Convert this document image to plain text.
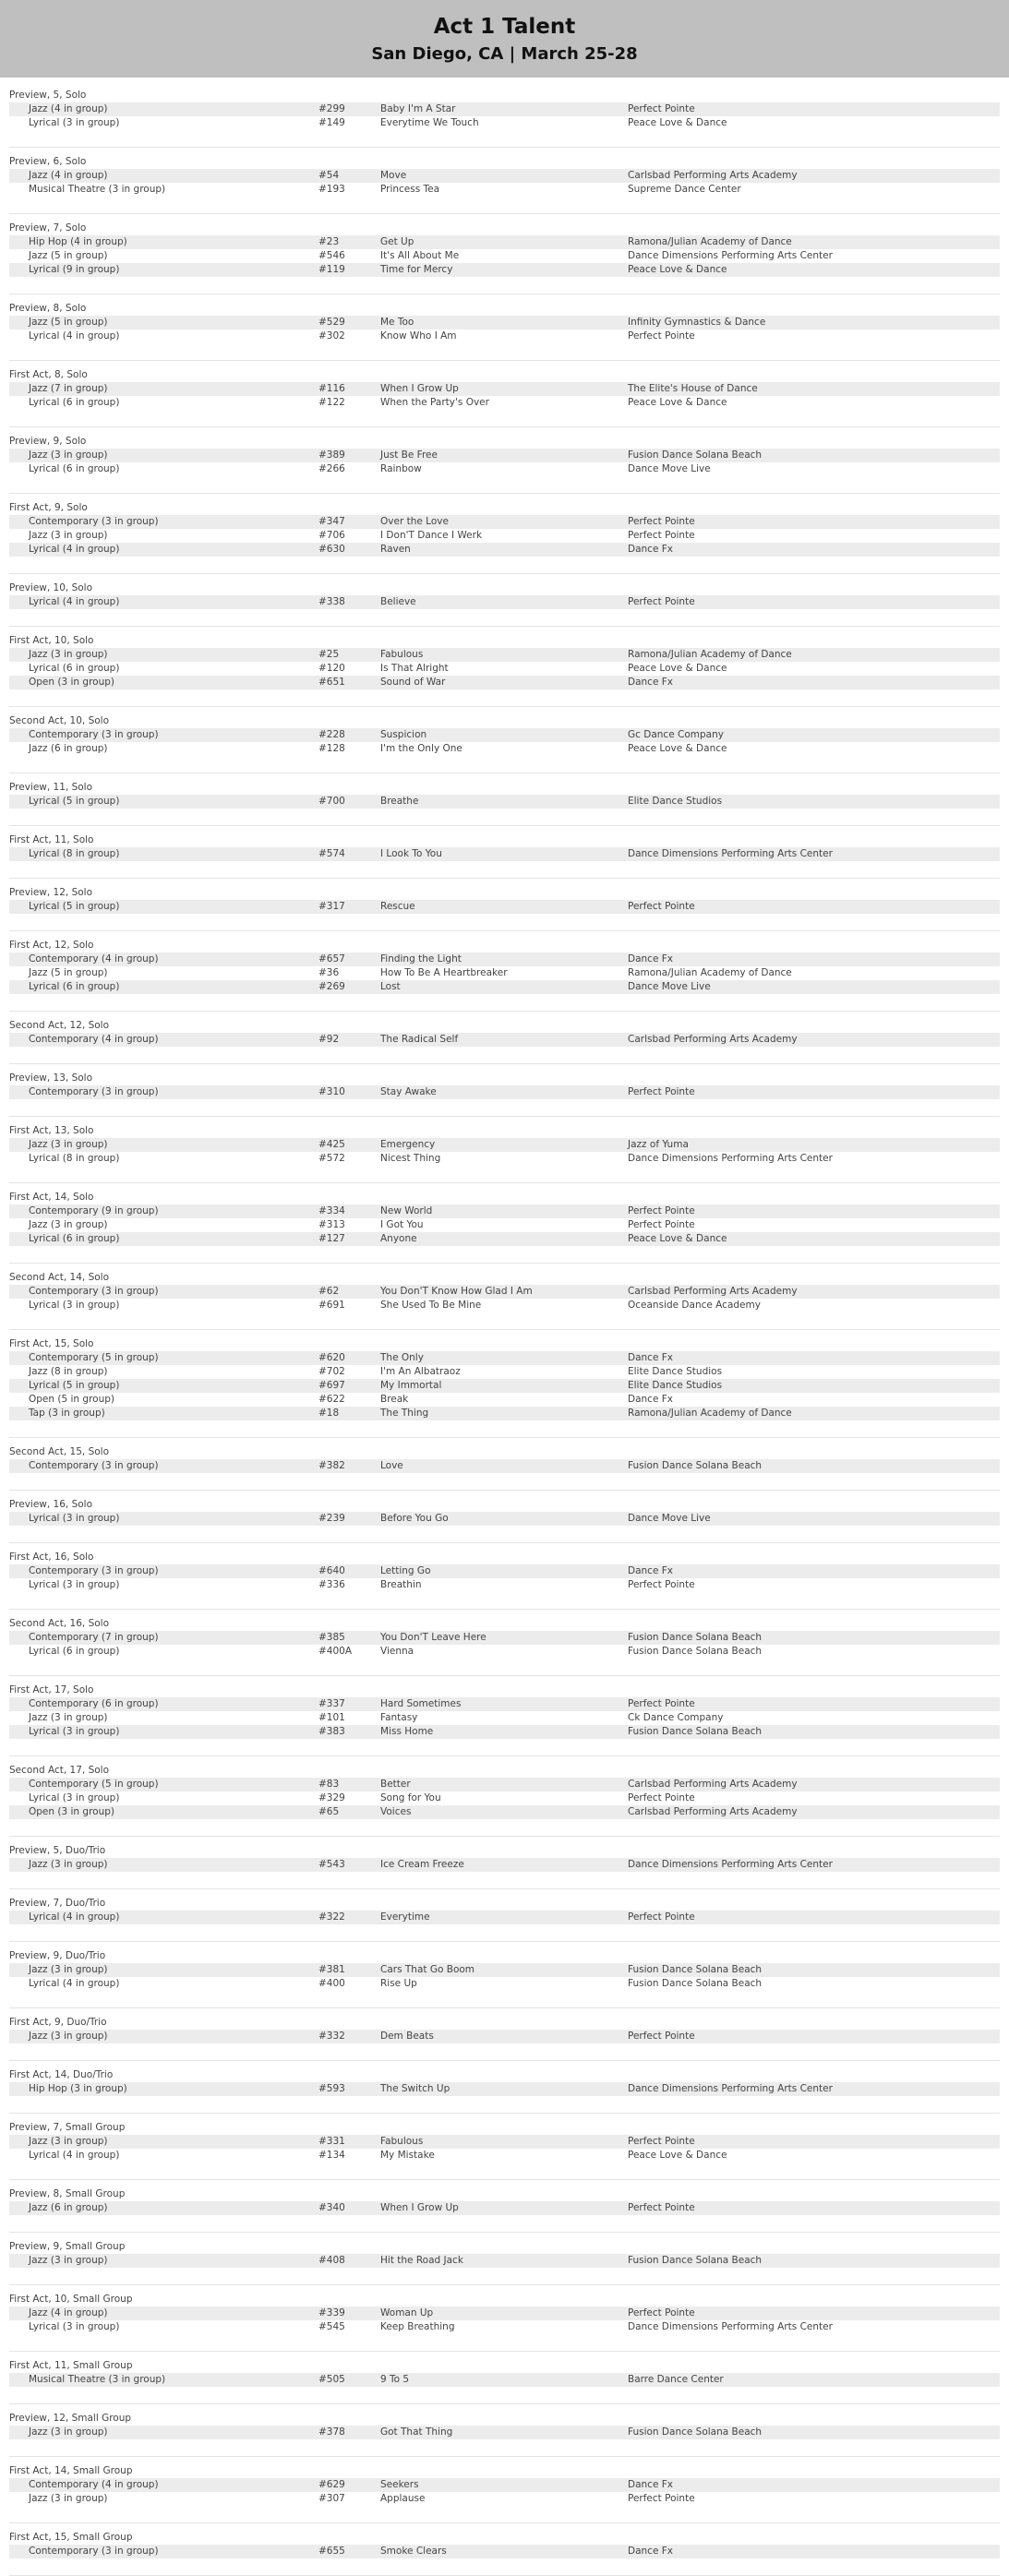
Act 1 Talent
San Diego, CA | March 25-28
Preview, 5, Solo
Jazz (4 in group)	#299	Baby I'm A Star	Perfect Pointe
Lyrical (3 in group)	#149	Everytime We Touch	Peace Love & Dance
Preview, 6, Solo
Jazz (4 in group)	#54	Move	Carlsbad Performing Arts Academy
Musical Theatre (3 in group)	#193	Princess Tea	Supreme Dance Center
Preview, 7, Solo
Hip Hop (4 in group)	#23	Get Up	Ramona/Julian Academy of Dance
Jazz (5 in group)	#546	It's All About Me	Dance Dimensions Performing Arts Center
Lyrical (9 in group)	#119	Time for Mercy	Peace Love & Dance
Preview, 8, Solo
Jazz (5 in group)	#529	Me Too	Infinity Gymnastics & Dance
Lyrical (4 in group)	#302	Know Who I Am	Perfect Pointe
First Act, 8, Solo
Jazz (7 in group)	#116	When I Grow Up	The Elite's House of Dance
Lyrical (6 in group)	#122	When the Party's Over	Peace Love & Dance
Preview, 9, Solo
Jazz (3 in group)	#389	Just Be Free	Fusion Dance Solana Beach
Lyrical (6 in group)	#266	Rainbow	Dance Move Live
First Act, 9, Solo
Contemporary (3 in group)	#347	Over the Love	Perfect Pointe
Jazz (3 in group)	#706	I Don'T Dance I Werk	Perfect Pointe
Lyrical (4 in group)	#630	Raven	Dance Fx
Preview, 10, Solo
Lyrical (4 in group)	#338	Believe	Perfect Pointe
First Act, 10, Solo
Jazz (3 in group)	#25	Fabulous	Ramona/Julian Academy of Dance
Lyrical (6 in group)	#120	Is That Alright	Peace Love & Dance
Open (3 in group)	#651	Sound of War	Dance Fx
Second Act, 10, Solo
Contemporary (3 in group)	#228	Suspicion	Gc Dance Company
Jazz (6 in group)	#128	I'm the Only One	Peace Love & Dance
Preview, 11, Solo
Lyrical (5 in group)	#700	Breathe	Elite Dance Studios
First Act, 11, Solo
Lyrical (8 in group)	#574	I Look To You	Dance Dimensions Performing Arts Center
Preview, 12, Solo
Lyrical (5 in group)	#317	Rescue	Perfect Pointe
First Act, 12, Solo
Contemporary (4 in group)	#657	Finding the Light	Dance Fx
Jazz (5 in group)	#36	How To Be A Heartbreaker	Ramona/Julian Academy of Dance
Lyrical (6 in group)	#269	Lost	Dance Move Live
Second Act, 12, Solo
Contemporary (4 in group)	#92	The Radical Self	Carlsbad Performing Arts Academy
Preview, 13, Solo
Contemporary (3 in group)	#310	Stay Awake	Perfect Pointe
First Act, 13, Solo
Jazz (3 in group)	#425	Emergency	Jazz of Yuma
Lyrical (8 in group)	#572	Nicest Thing	Dance Dimensions Performing Arts Center
First Act, 14, Solo
Contemporary (9 in group)	#334	New World	Perfect Pointe
Jazz (3 in group)	#313	I Got You	Perfect Pointe
Lyrical (6 in group)	#127	Anyone	Peace Love & Dance
Second Act, 14, Solo
Contemporary (3 in group)	#62	You Don'T Know How Glad I Am	Carlsbad Performing Arts Academy
Lyrical (3 in group)	#691	She Used To Be Mine	Oceanside Dance Academy
First Act, 15, Solo
Contemporary (5 in group)	#620	The Only	Dance Fx
Jazz (8 in group)	#702	I'm An Albatraoz	Elite Dance Studios
Lyrical (5 in group)	#697	My Immortal	Elite Dance Studios
Open (5 in group)	#622	Break	Dance Fx
Tap (3 in group)	#18	The Thing	Ramona/Julian Academy of Dance
Second Act, 15, Solo
Contemporary (3 in group)	#382	Love	Fusion Dance Solana Beach
Preview, 16, Solo
Lyrical (3 in group)	#239	Before You Go	Dance Move Live
First Act, 16, Solo
Contemporary (3 in group)	#640	Letting Go	Dance Fx
Lyrical (3 in group)	#336	Breathin	Perfect Pointe
Second Act, 16, Solo
Contemporary (7 in group)	#385	You Don'T Leave Here	Fusion Dance Solana Beach
Lyrical (6 in group)	#400A	Vienna	Fusion Dance Solana Beach
First Act, 17, Solo
Contemporary (6 in group)	#337	Hard Sometimes	Perfect Pointe
Jazz (3 in group)	#101	Fantasy	Ck Dance Company
Lyrical (3 in group)	#383	Miss Home	Fusion Dance Solana Beach
Second Act, 17, Solo
Contemporary (5 in group)	#83	Better	Carlsbad Performing Arts Academy
Lyrical (3 in group)	#329	Song for You	Perfect Pointe
Open (3 in group)	#65	Voices	Carlsbad Performing Arts Academy
Preview, 5, Duo/Trio
Jazz (3 in group)	#543	Ice Cream Freeze	Dance Dimensions Performing Arts Center
Preview, 7, Duo/Trio
Lyrical (4 in group)	#322	Everytime	Perfect Pointe
Preview, 9, Duo/Trio
Jazz (3 in group)	#381	Cars That Go Boom	Fusion Dance Solana Beach
Lyrical (4 in group)	#400	Rise Up	Fusion Dance Solana Beach
First Act, 9, Duo/Trio
Jazz (3 in group)	#332	Dem Beats	Perfect Pointe
First Act, 14, Duo/Trio
Hip Hop (3 in group)	#593	The Switch Up	Dance Dimensions Performing Arts Center
Preview, 7, Small Group
Jazz (3 in group)	#331	Fabulous	Perfect Pointe
Lyrical (4 in group)	#134	My Mistake	Peace Love & Dance
Preview, 8, Small Group
Jazz (6 in group)	#340	When I Grow Up	Perfect Pointe
Preview, 9, Small Group
Jazz (3 in group)	#408	Hit the Road Jack	Fusion Dance Solana Beach
First Act, 10, Small Group
Jazz (4 in group)	#339	Woman Up	Perfect Pointe
Lyrical (3 in group)	#545	Keep Breathing	Dance Dimensions Performing Arts Center
First Act, 11, Small Group
Musical Theatre (3 in group)	#505	9 To 5	Barre Dance Center
Preview, 12, Small Group
Jazz (3 in group)	#378	Got That Thing	Fusion Dance Solana Beach
First Act, 14, Small Group
Contemporary (4 in group)	#629	Seekers	Dance Fx
Jazz (3 in group)	#307	Applause	Perfect Pointe
First Act, 15, Small Group
Contemporary (3 in group)	#655	Smoke Clears	Dance Fx
